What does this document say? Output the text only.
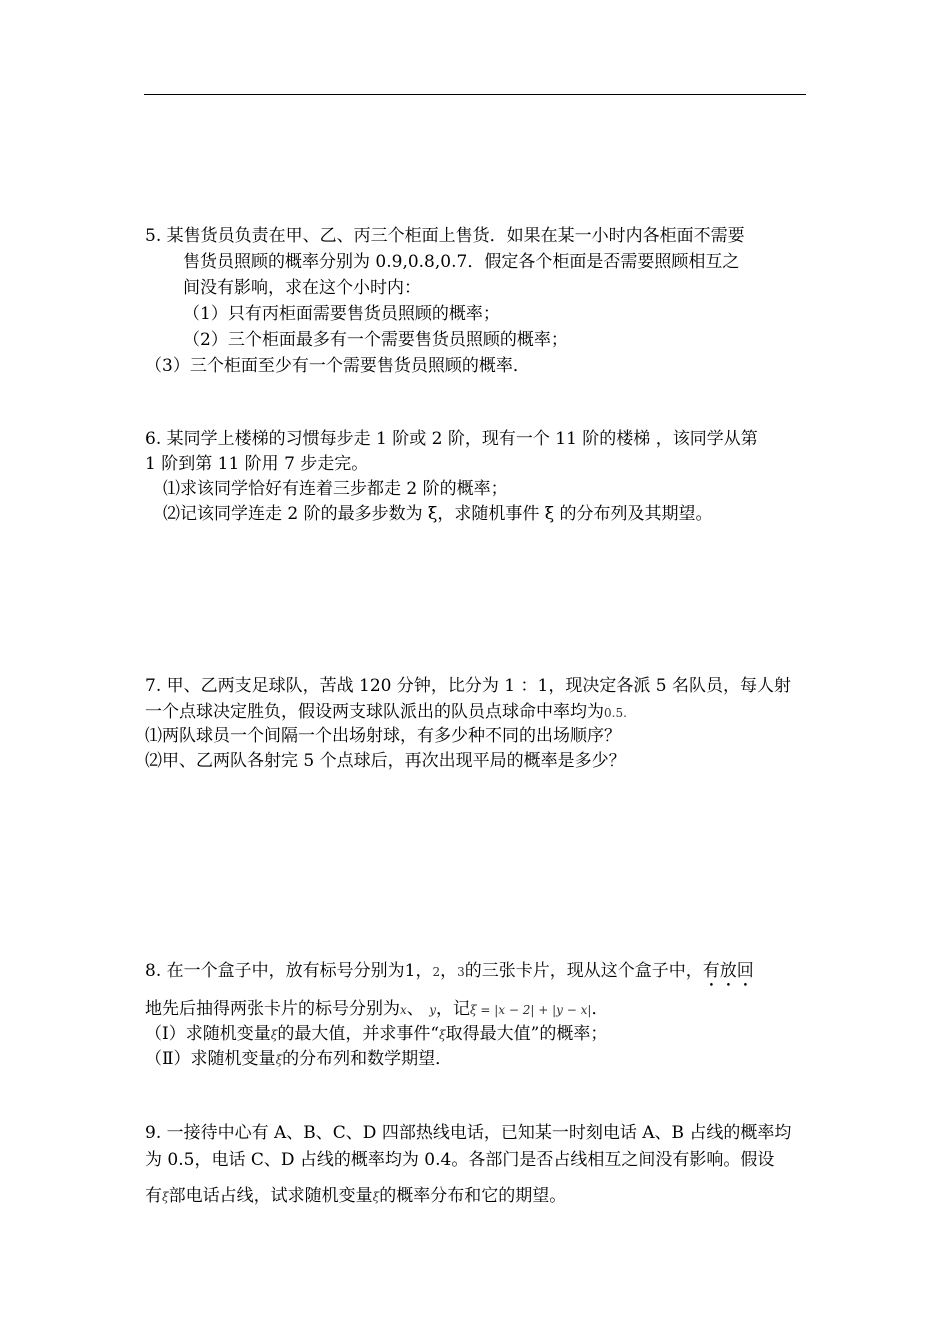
5. 某售货员负责在甲、乙、丙三个柜面上售货．如果在某一小时内各柜面不需要
售货员照顾的概率分别为 0.9,0.8,0.7．假定各个柜面是否需要照顾相互之
间没有影响，求在这个小时内：
（1）只有丙柜面需要售货员照顾的概率；
（2）三个柜面最多有一个需要售货员照顾的概率；
（3）三个柜面至少有一个需要售货员照顾的概率．
6. 某同学上楼梯的习惯每步走 1 阶或 2 阶，现有一个 11 阶的楼梯 ，该同学从第
1 阶到第 11 阶用 7 步走完。
⑴求该同学恰好有连着三步都走 2 阶的概率；
⑵记该同学连走 2 阶的最多步数为 ξ，求随机事件 ξ 的分布列及其期望。
7. 甲、乙两支足球队，苦战 120 分钟，比分为 1 ：1，现决定各派 5 名队员，每人射
一个点球决定胜负，假设两支球队派出的队员点球命中率均为0.5.
⑴两队球员一个间隔一个出场射球，有多少种不同的出场顺序？
⑵甲、乙两队各射完 5 个点球后，再次出现平局的概率是多少？
8. 在一个盒子中，放有标号分别为1，2，3的三张卡片，现从这个盒子中，有放回
地先后抽得两张卡片的标号分别为x、 y，记ξ = |x − 2| + |y − x|．
（Ⅰ）求随机变量ξ的最大值，并求事件“ξ取得最大值”的概率；
（Ⅱ）求随机变量ξ的分布列和数学期望．
9. 一接待中心有 A、B、C、D 四部热线电话，已知某一时刻电话 A、B 占线的概率均
为 0.5，电话 C、D 占线的概率均为 0.4。各部门是否占线相互之间没有影响。假设
有ξ部电话占线，试求随机变量ξ的概率分布和它的期望。
